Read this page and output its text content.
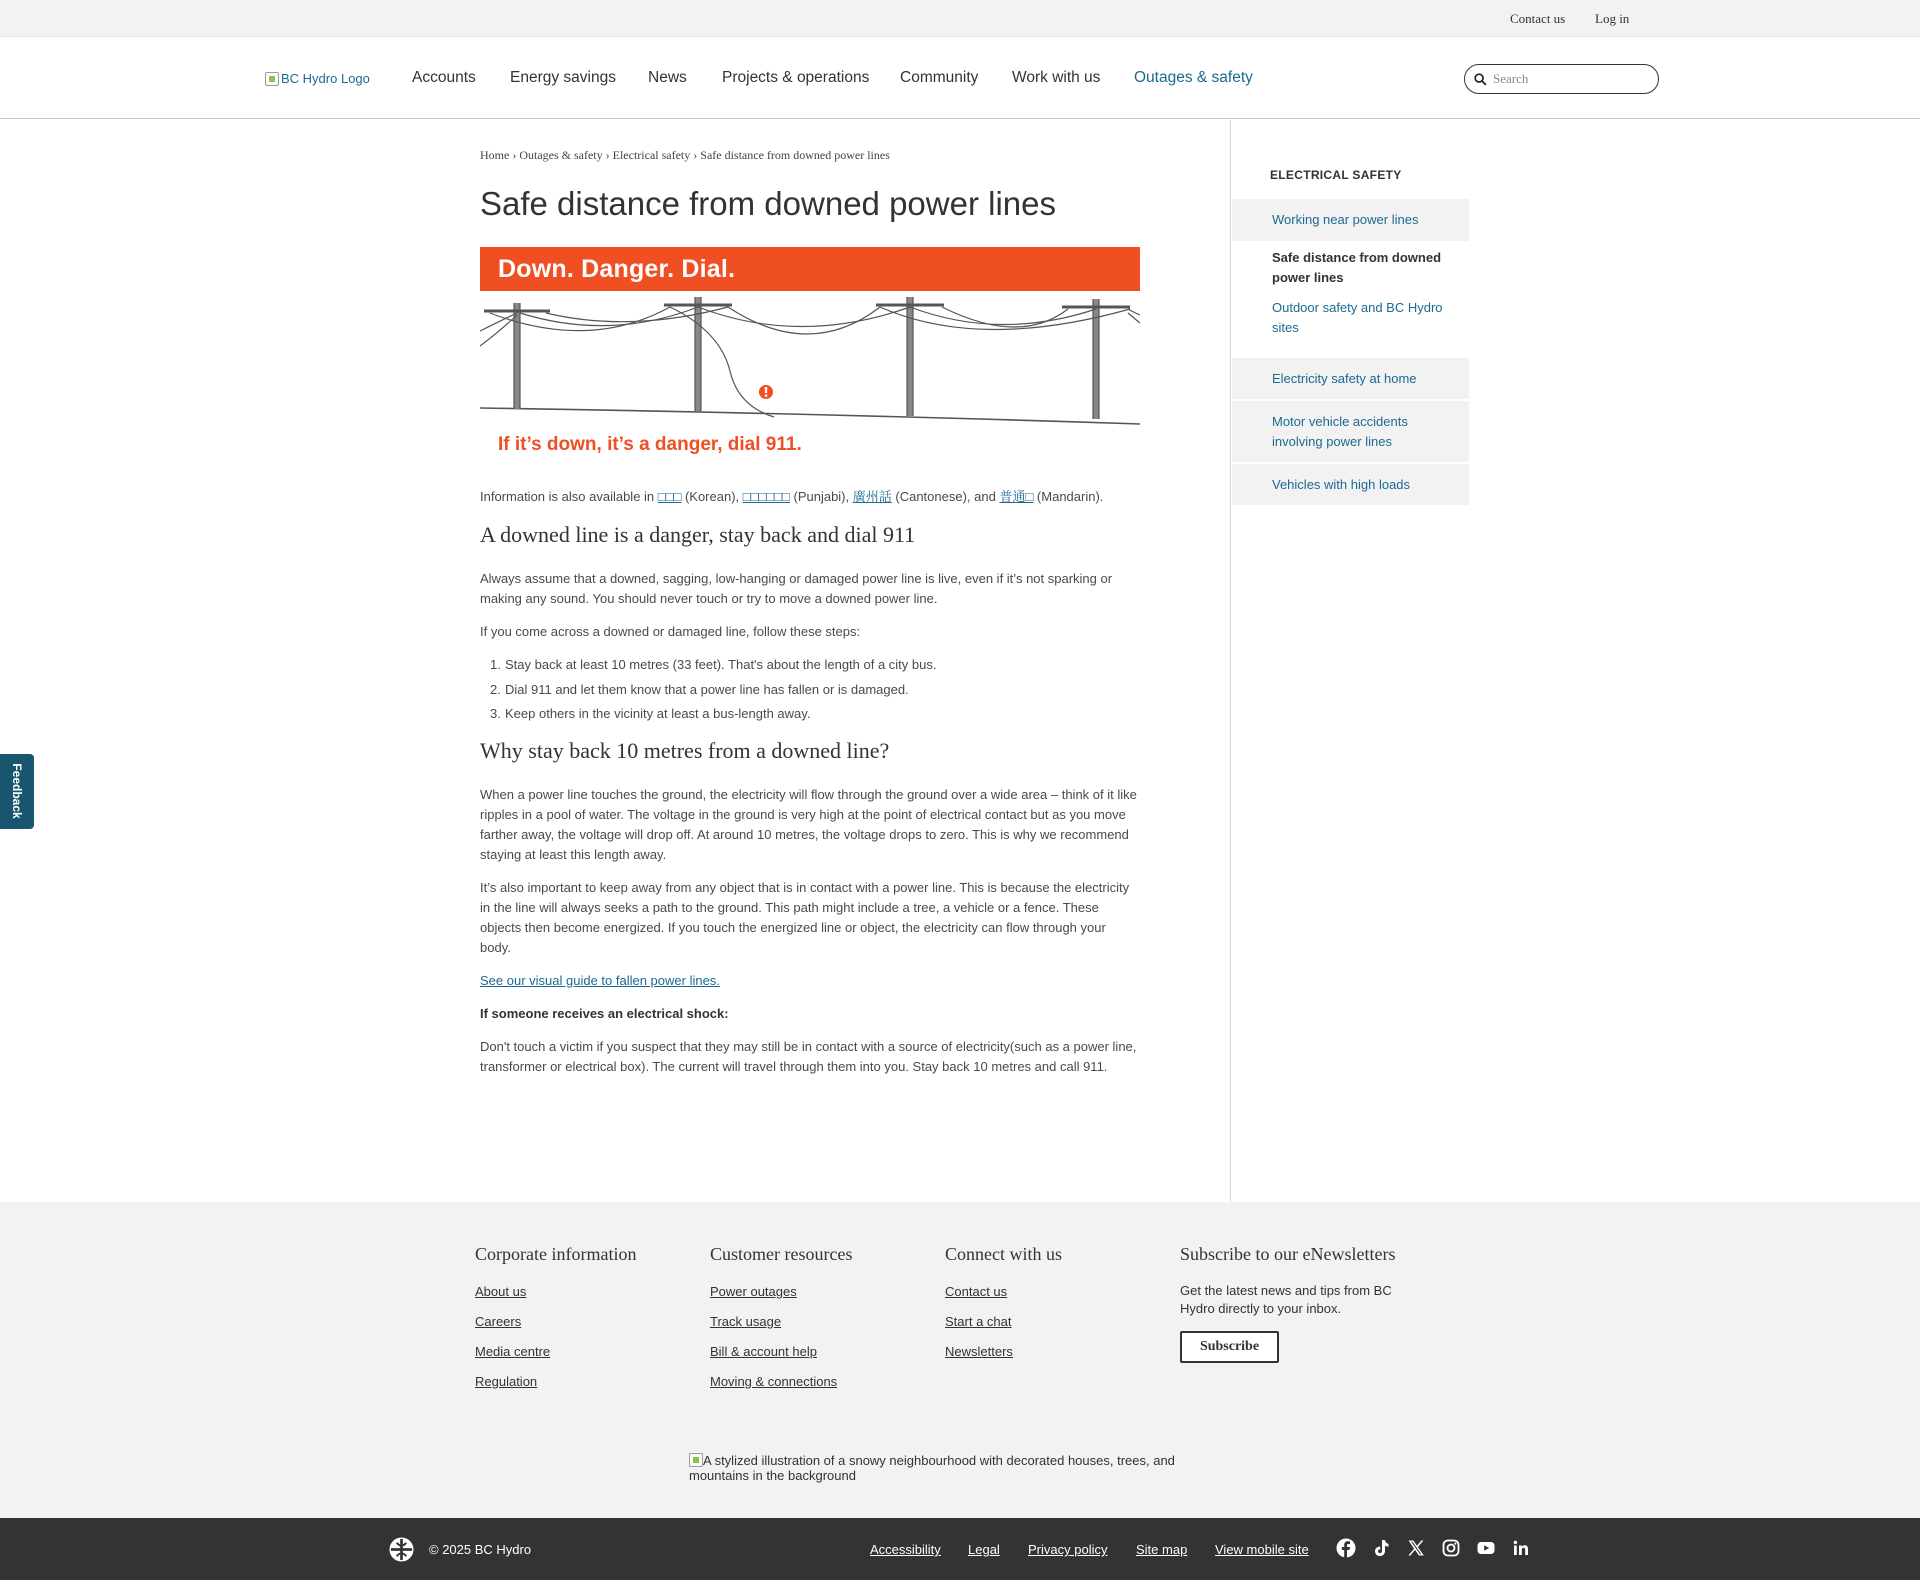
Contact us Log in
BC Hydro Logo	Accounts Energy savings News Projects & operations Community Work with us Outages & safety
Search
Home › Outages & safety › Electrical safety › Safe distance from downed power lines
Safe distance from downed power lines
Down. Danger. Dial.
If it’s down, it’s a danger, dial 911.
Information is also available in □□□ (Korean), □□□□□□ (Punjabi), 廣州話 (Cantonese), and 普通□ (Mandarin).
A downed line is a danger, stay back and dial 911

Always assume that a downed, sagging, low-hanging or damaged power line is live, even if it’s not sparking or making any sound. You should never touch or try to move a downed power line.

If you come across a downed or damaged line, follow these steps:

1. Stay back at least 10 metres (33 feet). That's about the length of a city bus.
2. Dial 911 and let them know that a power line has fallen or is damaged.
3. Keep others in the vicinity at least a bus-length away.
Why stay back 10 metres from a downed line?

When a power line touches the ground, the electricity will flow through the ground over a wide area – think of it like ripples in a pool of water. The voltage in the ground is very high at the point of electrical contact but as you move farther away, the voltage will drop off. At around 10 metres, the voltage drops to zero. This is why we recommend staying at least this length away.

It’s also important to keep away from any object that is in contact with a power line. This is because the electricity in the line will always seeks a path to the ground. This path might include a tree, a vehicle or a fence. These objects then become energized. If you touch the energized line or object, the electricity can flow through your body.

See our visual guide to fallen power lines.

If someone receives an electrical shock:

Don't touch a victim if you suspect that they may still be in contact with a source of electricity(such as a power line, transformer or electrical box). The current will travel through them into you. Stay back 10 metres and call 911.

ELECTRICAL SAFETY
Working near power lines
Safe distance from downed power lines
Outdoor safety and BC Hydro sites
Electricity safety at home
Motor vehicle accidents involving power lines
Vehicles with high loads
Feedback
Corporate information
About us
Careers
Media centre
Regulation
Customer resources
Power outages
Track usage
Bill & account help
Moving & connections
Connect with us
Contact us
Start a chat
Newsletters
Subscribe to our eNewsletters
Get the latest news and tips from BC Hydro directly to your inbox.
Subscribe
A stylized illustration of a snowy neighbourhood with decorated houses, trees, and mountains in the background
© 2025 BC Hydro	Accessibility Legal Privacy policy Site map View mobile site
